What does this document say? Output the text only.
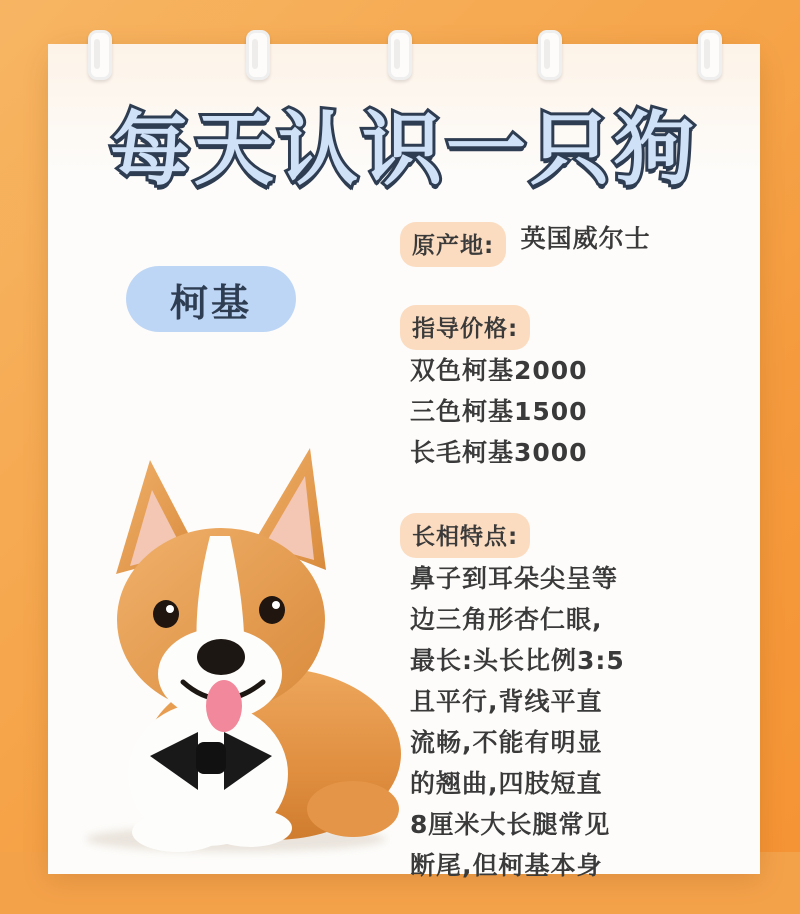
每天认识一只狗
柯基
原产地: 英国威尔士
指导价格:
双色柯基2000
三色柯基1500
长毛柯基3000
长相特点:
鼻子到耳朵尖呈等
边三角形杏仁眼,
最长:头长比例3:5
且平行,背线平直
流畅,不能有明显
的翘曲,四肢短直
8厘米大长腿常见
断尾,但柯基本身
